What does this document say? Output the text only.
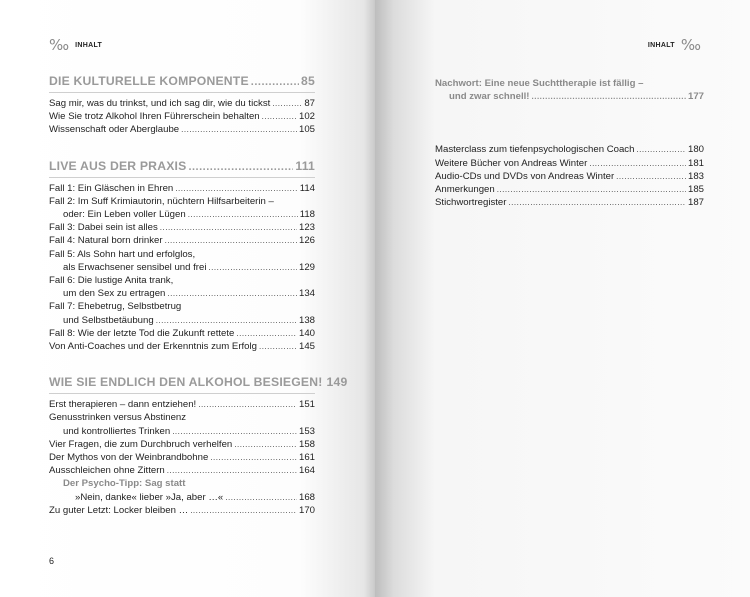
‰ INHALT
DIE KULTURELLE KOMPONENTE .....	85
Sag mir, was du trinkst, und ich sag dir, wie du tickst .....	87
Wie Sie trotz Alkohol Ihren Führerschein behalten .....	102
Wissenschaft oder Aberglaube .....	105
LIVE AUS DER PRAXIS .....	111
Fall 1: Ein Gläschen in Ehren .....	114
Fall 2: Im Suff Krimiautorin, nüchtern Hilfsarbeiterin –
oder: Ein Leben voller Lügen .....	118
Fall 3: Dabei sein ist alles .....	123
Fall 4: Natural born drinker .....	126
Fall 5: Als Sohn hart und erfolglos,
als Erwachsener sensibel und frei .....	129
Fall 6: Die lustige Anita trank,
um den Sex zu ertragen .....	134
Fall 7: Ehebetrug, Selbstbetrug
und Selbstbetäubung .....	138
Fall 8: Wie der letzte Tod die Zukunft rettete .....	140
Von Anti-Coaches und der Erkenntnis zum Erfolg .....	145
WIE SIE ENDLICH DEN ALKOHOL BESIEGEN! 149
Erst therapieren – dann entziehen! .....	151
Genusstrinken versus Abstinenz
und kontrolliertes Trinken .....	153
Vier Fragen, die zum Durchbruch verhelfen .....	158
Der Mythos von der Weinbrandbohne .....	161
Ausschleichen ohne Zittern .....	164
Der Psycho-Tipp: Sag statt
»Nein, danke« lieber »Ja, aber …« .....	168
Zu guter Letzt: Locker bleiben … .....	170
6
INHALT ‰
Nachwort: Eine neue Suchttherapie ist fällig –
und zwar schnell! .....	177
Masterclass zum tiefenpsychologischen Coach .....	180
Weitere Bücher von Andreas Winter .....	181
Audio-CDs und DVDs von Andreas Winter .....	183
Anmerkungen .....	185
Stichwortregister .....	187
